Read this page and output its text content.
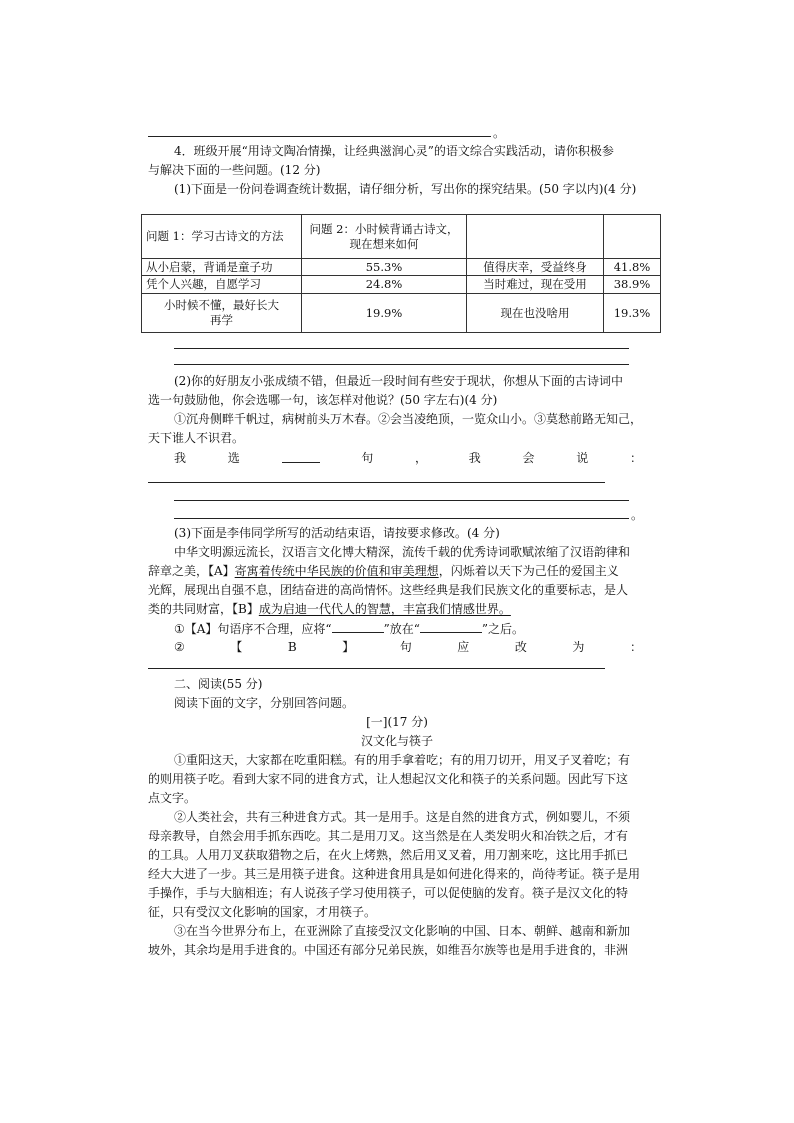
。
4．班级开展“用诗文陶冶情操，让经典滋润心灵”的语文综合实践活动，请你积极参
与解决下面的一些问题。(12 分)
(1)下面是一份问卷调查统计数据，请仔细分析，写出你的探究结果。(50 字以内)(4 分)
问题 1：学习古诗文的方法	问题 2：小时候背诵古诗文，
现在想来如何		

从小启蒙，背诵是童子功	55.3%	值得庆幸，受益终身	41.8%
凭个人兴趣，自愿学习	24.8%	当时难过，现在受用	38.9%

小时候不懂，最好长大
再学	19.9%	现在也没啥用	19.3%
(2)你的好朋友小张成绩不错，但最近一段时间有些安于现状，你想从下面的古诗词中
选一句鼓励他，你会选哪一句，该怎样对他说？(50 字左右)(4 分)
①沉舟侧畔千帆过，病树前头万木春。②会当凌绝顶，一览众山小。③莫愁前路无知己，
天下谁人不识君。
我	选	句	，	我	会	说	：
。
(3)下面是李伟同学所写的活动结束语，请按要求修改。(4 分)
中华文明源远流长，汉语言文化博大精深，流传千载的优秀诗词歌赋浓缩了汉语韵律和
辞章之美，【A】寄寓着传统中华民族的价值和审美理想，闪烁着以天下为己任的爱国主义
光辉，展现出自强不息，团结奋进的高尚情怀。这些经典是我们民族文化的重要标志，是人
类的共同财富，【B】成为启迪一代代人的智慧，丰富我们情感世界。
①【A】句语序不合理，应将“	”放在“	”之后。
②	【	B	】	句	应	改	为	：
二、阅读(55 分)
阅读下面的文字，分别回答问题。
[一](17 分)
汉文化与筷子
①重阳这天，大家都在吃重阳糕。有的用手拿着吃；有的用刀切开，用叉子叉着吃；有
的则用筷子吃。看到大家不同的进食方式，让人想起汉文化和筷子的关系问题。因此写下这
点文字。
②人类社会，共有三种进食方式。其一是用手。这是自然的进食方式，例如婴儿，不须
母亲教导，自然会用手抓东西吃。其二是用刀叉。这当然是在人类发明火和冶铁之后，才有
的工具。人用刀叉获取猎物之后，在火上烤熟，然后用叉叉着，用刀割来吃，这比用手抓已
经大大进了一步。其三是用筷子进食。这种进食用具是如何进化得来的，尚待考证。筷子是用
手操作，手与大脑相连；有人说孩子学习使用筷子，可以促使脑的发育。筷子是汉文化的特
征，只有受汉文化影响的国家，才用筷子。
③在当今世界分布上，在亚洲除了直接受汉文化影响的中国、日本、朝鲜、越南和新加
坡外，其余均是用手进食的。中国还有部分兄弟民族，如维吾尔族等也是用手进食的，非洲
